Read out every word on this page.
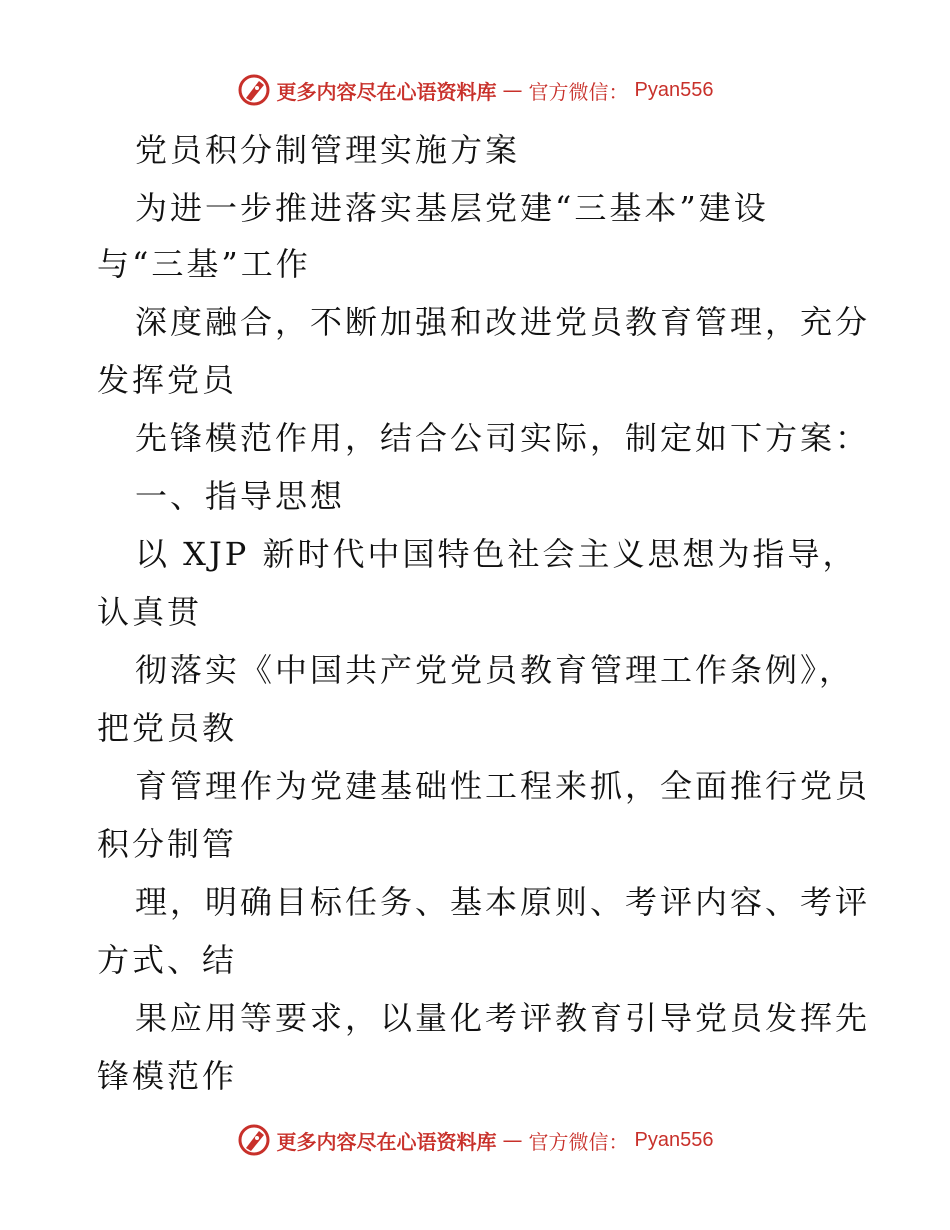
更多内容尽在心语资料库 — 官方微信： Pyan556
党员积分制管理实施方案
为进一步推进落实基层党建“三基本”建设
与“三基”工作
深度融合，不断加强和改进党员教育管理，充分
发挥党员
先锋模范作用，结合公司实际，制定如下方案：
一、指导思想
以 XJP 新时代中国特色社会主义思想为指导，
认真贯
彻落实《中国共产党党员教育管理工作条例》，
把党员教
育管理作为党建基础性工程来抓，全面推行党员
积分制管
理，明确目标任务、基本原则、考评内容、考评
方式、结
果应用等要求，以量化考评教育引导党员发挥先
锋模范作
更多内容尽在心语资料库 — 官方微信： Pyan556
